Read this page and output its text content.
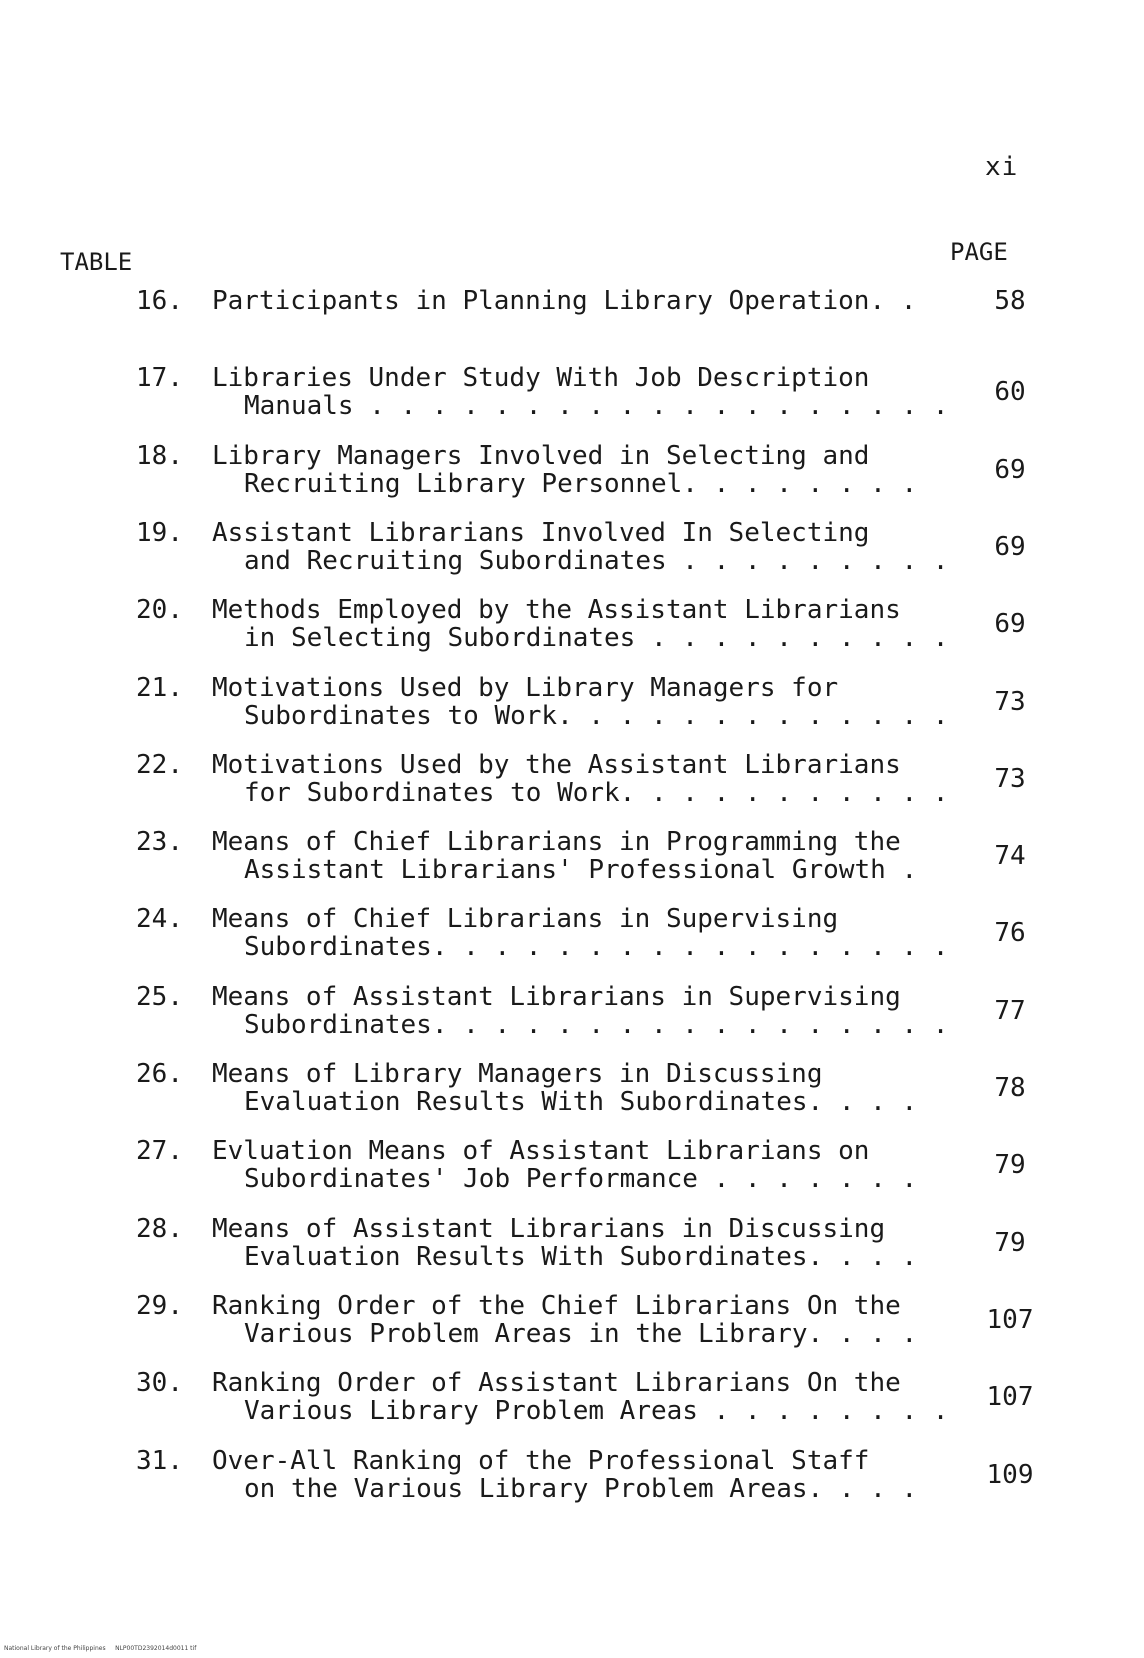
xi
TABLE	PAGE
16. Participants in Planning Library Operation. .	58
17. Libraries Under Study With Job Description
Manuals . . . . . . . . . . . . . . . . . . .	60
18. Library Managers Involved in Selecting and
Recruiting Library Personnel. . . . . . . .	69
19. Assistant Librarians Involved In Selecting
and Recruiting Subordinates . . . . . . . . .	69
20. Methods Employed by the Assistant Librarians
in Selecting Subordinates . . . . . . . . . .	69
21. Motivations Used by Library Managers for
Subordinates to Work. . . . . . . . . . . . .	73
22. Motivations Used by the Assistant Librarians
for Subordinates to Work. . . . . . . . . . .	73
23. Means of Chief Librarians in Programming the
Assistant Librarians' Professional Growth .	74
24. Means of Chief Librarians in Supervising
Subordinates. . . . . . . . . . . . . . . . .	76
25. Means of Assistant Librarians in Supervising
Subordinates. . . . . . . . . . . . . . . . .	77
26. Means of Library Managers in Discussing
Evaluation Results With Subordinates. . . .	78
27. Evluation Means of Assistant Librarians on
Subordinates' Job Performance . . . . . . .	79
28. Means of Assistant Librarians in Discussing
Evaluation Results With Subordinates. . . .	79
29. Ranking Order of the Chief Librarians On the
Various Problem Areas in the Library. . . .	107
30. Ranking Order of Assistant Librarians On the
Various Library Problem Areas . . . . . . . .	107
31. Over-All Ranking of the Professional Staff
on the Various Library Problem Areas. . . .	109
National Library of the Philippines     NLP00TD2392014d0011 tif
